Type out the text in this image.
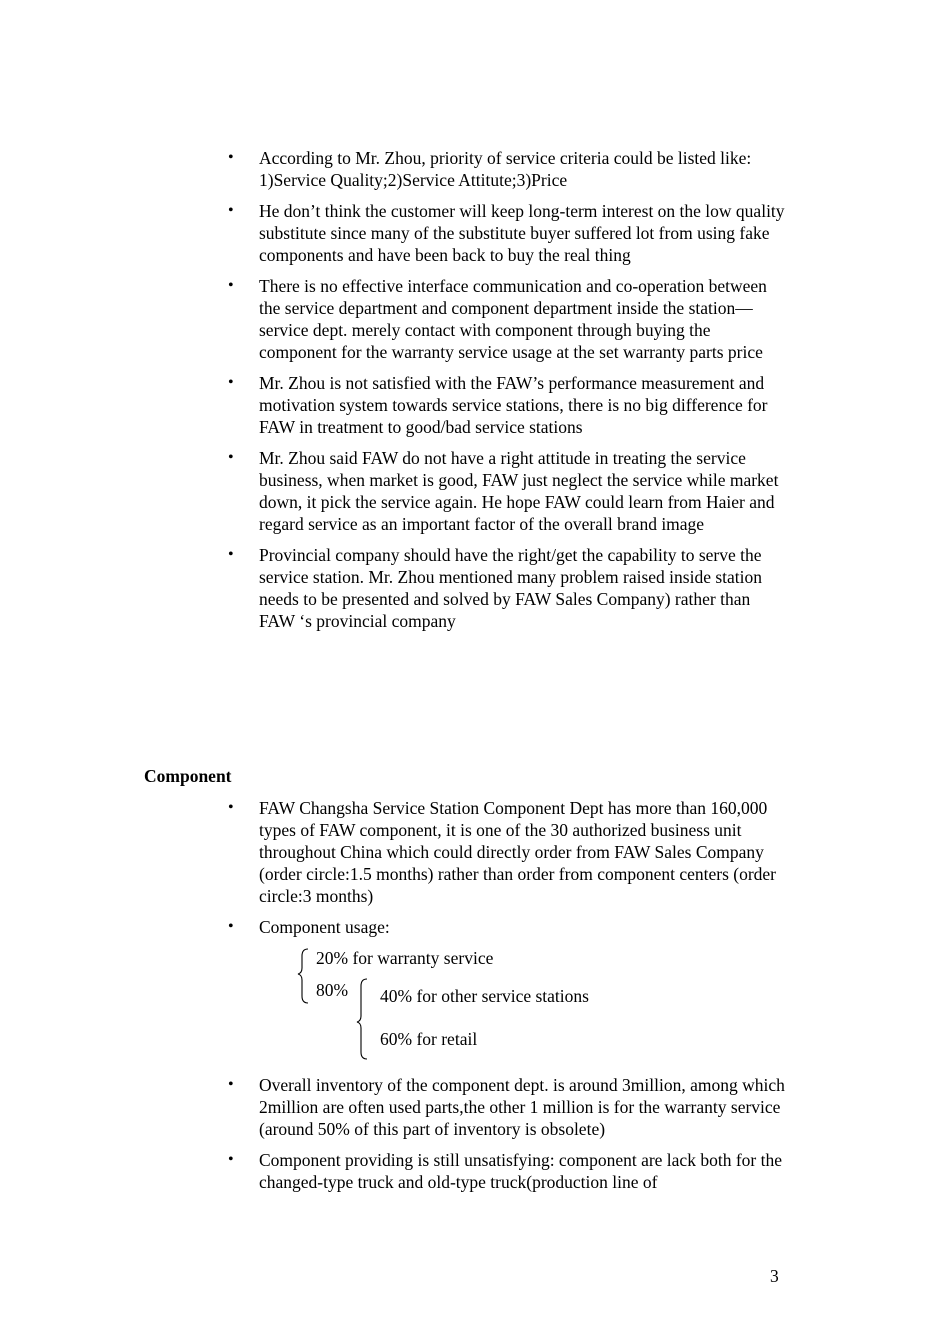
• According to Mr. Zhou, priority of service criteria could be listed like: 1)Service Quality;2)Service Attitute;3)Price
• He don’t think the customer will keep long-term interest on the low quality substitute since many of the substitute buyer suffered lot from using fake components and have been back to buy the real thing
• There is no effective interface communication and co-operation between the service department and component department inside the station—service dept. merely contact with component through buying the component for the warranty service usage at the set warranty parts price
• Mr. Zhou is not satisfied with the FAW’s performance measurement and motivation system towards service stations, there is no big difference for FAW in treatment to good/bad service stations
• Mr. Zhou said FAW do not have a right attitude in treating the service business, when market is good, FAW just neglect the service while market down, it pick the service again. He hope FAW could learn from Haier and regard service as an important factor of the overall brand image
• Provincial company should have the right/get the capability to serve the service station. Mr. Zhou mentioned many problem raised inside station needs to be presented and solved by FAW Sales Company) rather than FAW ‘s provincial company
Component
• FAW Changsha Service Station Component Dept has more than 160,000 types of FAW component, it is one of the 30 authorized business unit throughout China which could directly order from FAW Sales Company (order circle:1.5 months) rather than order from component centers (order circle:3 months)
• Component usage:
20% for warranty service
80% 40% for other service stations
60% for retail
• Overall inventory of the component dept. is around 3million, among which 2million are often used parts,the other 1 million is for the warranty service (around 50% of this part of inventory is obsolete)
• Component providing is still unsatisfying: component are lack both for the changed-type truck and old-type truck(production line of
3
